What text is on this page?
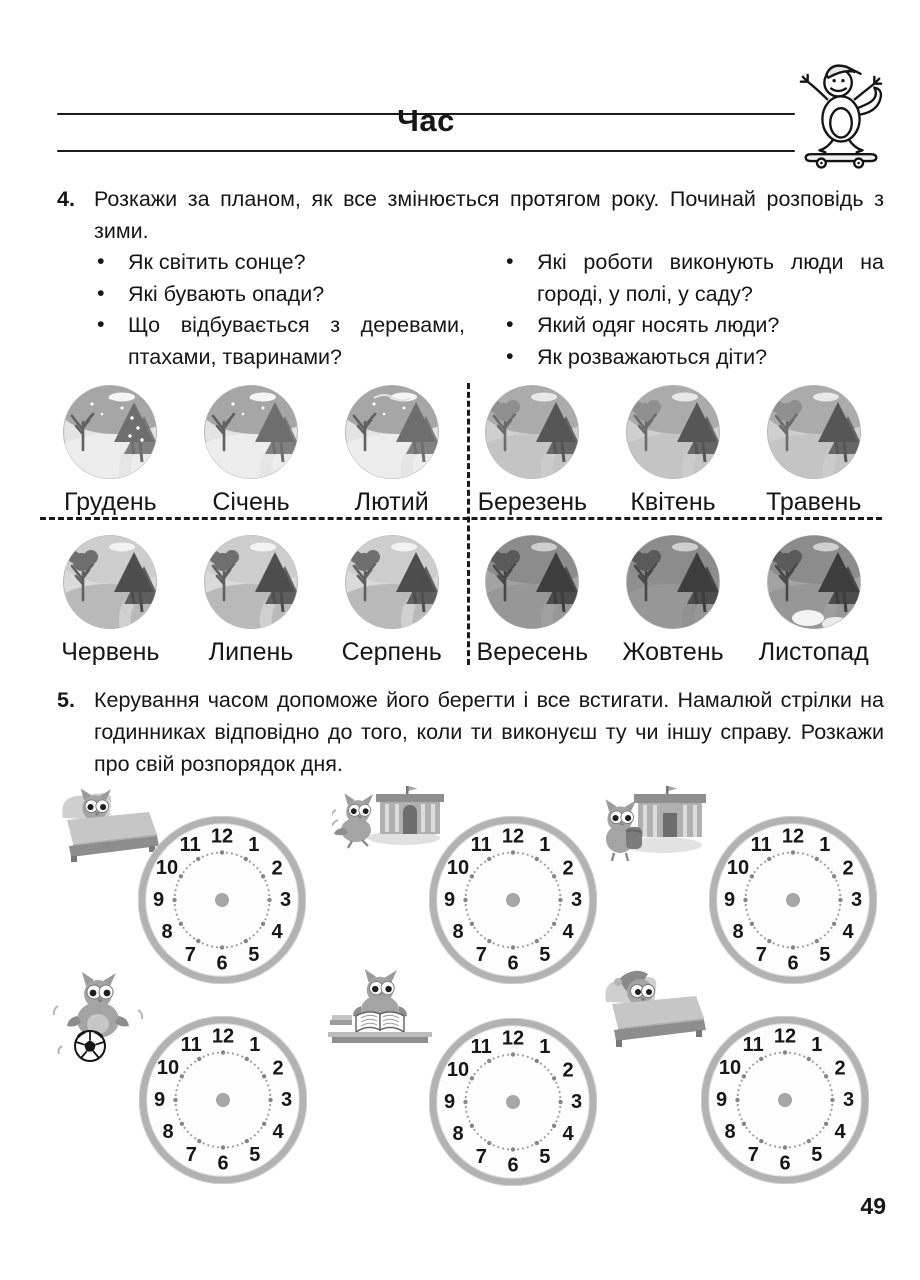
Час
4. Розкажи за планом, як все змінюється протягом року. Починай розповідь з зими.
• Як світить сонце?
• Які бувають опади?
• Що відбувається з деревами, птахами, тваринами?
• Які роботи виконують люди на городі, у полі, у саду?
• Який одяг носять люди?
• Як розважаються діти?
Грудень Січень	Лютий Березень Квітень Травень
Червень Липень Серпень Вересень Жовтень Листопад
5. Керування часом допоможе його берегти і все встигати. Намалюй стрілки на годинниках відповідно до того, коли ти виконуєш ту чи іншу справу. Розкажи про свій розпорядок дня.
1
2
3
4
5
6
7
8
9
10
11 12	1
2
3
4
5
6
7
8
9
10
11 12	1
2
3
4
5
6
7
8
9
10
11 12
1
2
3
4
5
6
7
8
9
10
11 12	1
2
3
4
5
6
7
8
9
10
11 12	1
2
3
4
5
6
7
8
9
10
11 12
49
